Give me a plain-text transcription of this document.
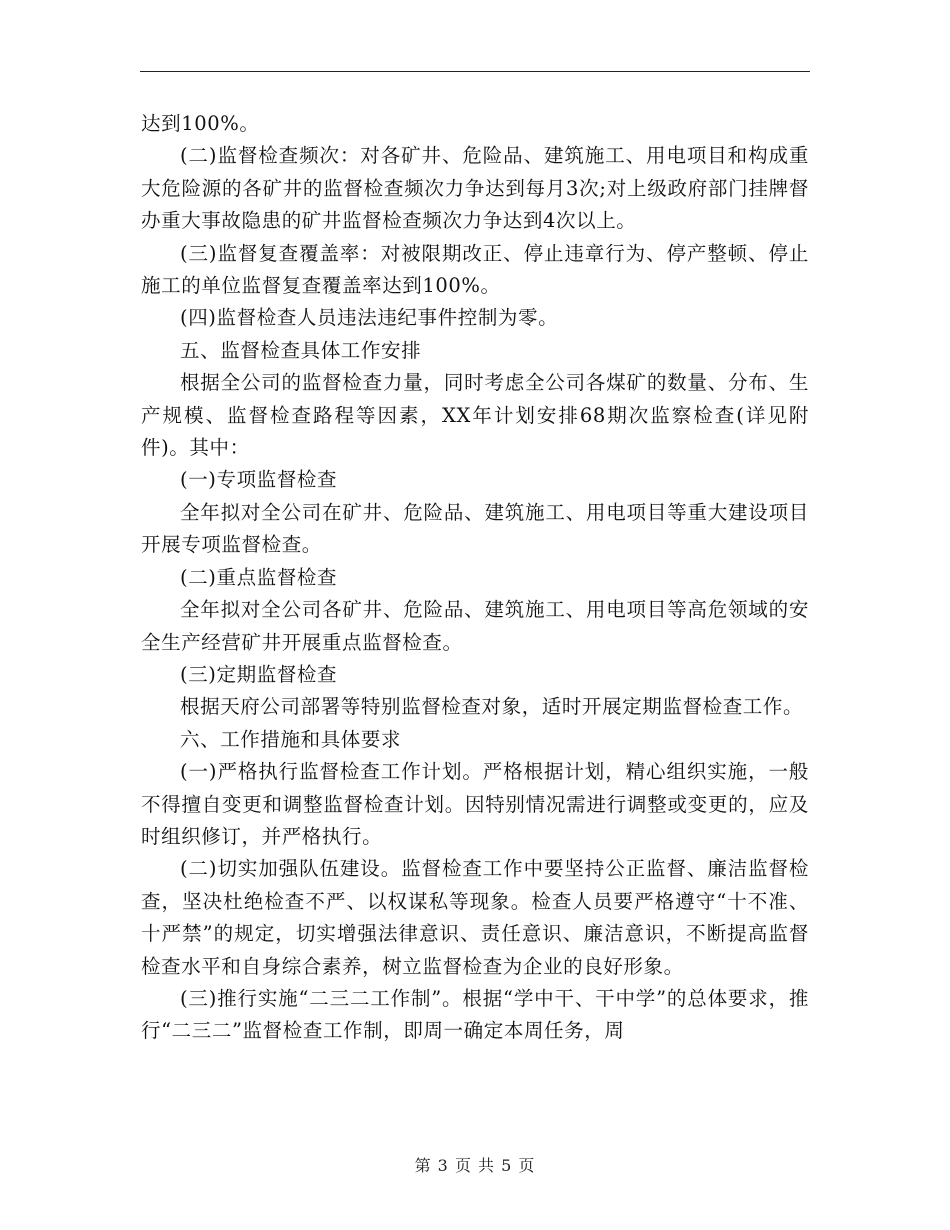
达到100%。

(二)监督检查频次：对各矿井、危险品、建筑施工、用电项目和构成重大危险源的各矿井的监督检查频次力争达到每月3次;对上级政府部门挂牌督办重大事故隐患的矿井监督检查频次力争达到4次以上。

(三)监督复查覆盖率：对被限期改正、停止违章行为、停产整顿、停止施工的单位监督复查覆盖率达到100%。

(四)监督检查人员违法违纪事件控制为零。

五、监督检查具体工作安排

根据全公司的监督检查力量，同时考虑全公司各煤矿的数量、分布、生产规模、监督检查路程等因素，XX年计划安排68期次监察检查(详见附件)。其中：

(一)专项监督检查

全年拟对全公司在矿井、危险品、建筑施工、用电项目等重大建设项目开展专项监督检查。

(二)重点监督检查

全年拟对全公司各矿井、危险品、建筑施工、用电项目等高危领域的安全生产经营矿井开展重点监督检查。

(三)定期监督检查

根据天府公司部署等特别监督检查对象，适时开展定期监督检查工作。

六、工作措施和具体要求

(一)严格执行监督检查工作计划。严格根据计划，精心组织实施，一般不得擅自变更和调整监督检查计划。因特别情况需进行调整或变更的，应及时组织修订，并严格执行。

(二)切实加强队伍建设。监督检查工作中要坚持公正监督、廉洁监督检查，坚决杜绝检查不严、以权谋私等现象。检查人员要严格遵守“十不准、十严禁”的规定，切实增强法律意识、责任意识、廉洁意识，不断提高监督检查水平和自身综合素养，树立监督检查为企业的良好形象。

(三)推行实施“二三二工作制”。根据“学中干、干中学”的总体要求，推行“二三二”监督检查工作制，即周一确定本周任务，周

第 3 页 共 5 页
